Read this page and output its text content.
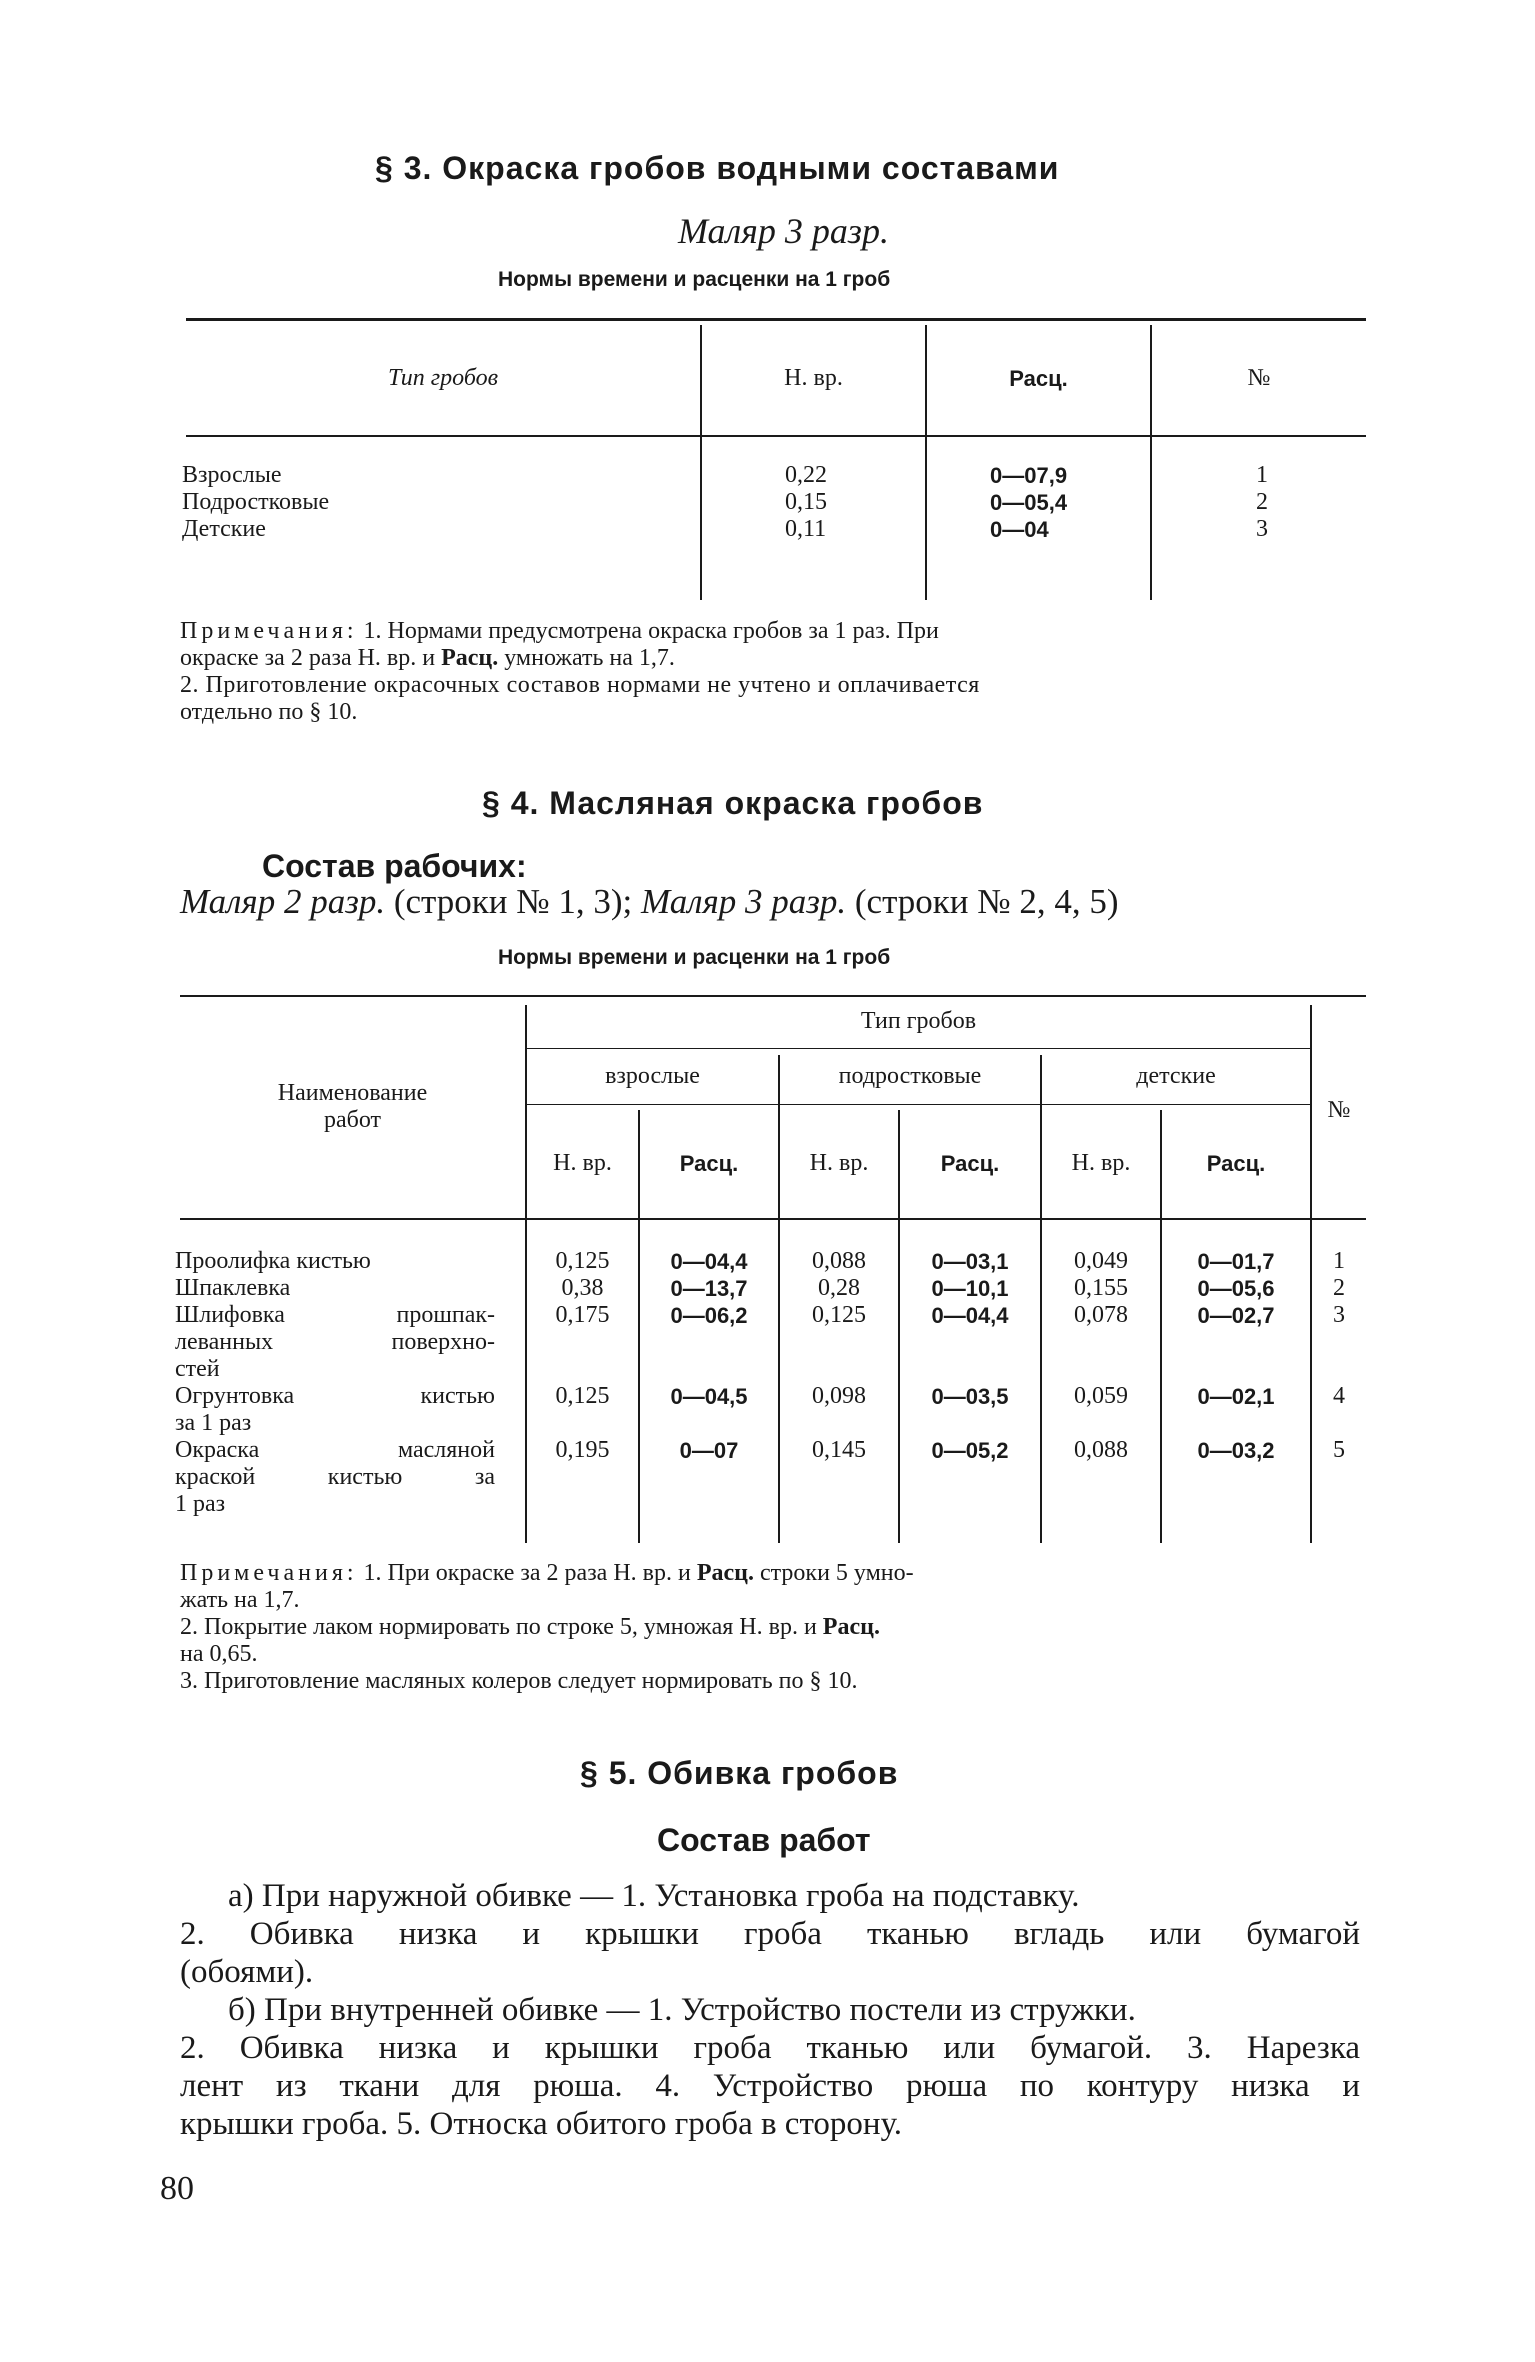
§ 3. Окраска гробов водными составами
Маляр 3 разр.
Нормы времени и расценки на 1 гроб
Тип гробов	Н. вр.	Расц.	№
Взрослые	0,22	0—07,9	1
Подростковые	0,15	0—05,4	2
Детские	0,11	0—04	3
Примечания: 1. Нормами предусмотрена окраска гробов за 1 раз. При
окраске за 2 раза Н. вр. и Расц. умножать на 1,7.
2. Приготовление окрасочных составов нормами не учтено и оплачивается
отдельно по § 10.
§ 4. Масляная окраска гробов
Состав рабочих:
Маляр 2 разр. (строки № 1, 3); Маляр 3 разр. (строки № 2, 4, 5)
Нормы времени и расценки на 1 гроб
Наименование
работ
Тип гробов
взрослые	подростковые	детские
№
Н. вр.	Расц.	Н. вр.	Расц.	Н. вр.	Расц.
Проолифка кистью	0,125	0—04,4	0,088	0—03,1	0,049	0—01,7	1
Шпаклевка	0,38	0—13,7	0,28	0—10,1	0,155	0—05,6	2
Шлифовка прошпак-
леванных поверхно-
стей
0,175	0—06,2	0,125	0—04,4	0,078	0—02,7	3
Огрунтовка кистью
за 1 раз
0,125	0—04,5	0,098	0—03,5	0,059	0—02,1	4
Окраска масляной
краской кистью за
1 раз
0,195	0—07	0,145	0—05,2	0,088	0—03,2	5
Примечания: 1. При окраске за 2 раза Н. вр. и Расц. строки 5 умно-
жать на 1,7.
2. Покрытие лаком нормировать по строке 5, умножая Н. вр. и Расц.
на 0,65.
3. Приготовление масляных колеров следует нормировать по § 10.
§ 5. Обивка гробов
Состав работ
а) При наружной обивке — 1. Установка гроба на подставку.
2. Обивка низка и крышки гроба тканью вгладь или бумагой
(обоями).
б) При внутренней обивке — 1. Устройство постели из стружки.
2. Обивка низка и крышки гроба тканью или бумагой. 3. Нарезка
лент из ткани для рюша. 4. Устройство рюша по контуру низка и
крышки гроба. 5. Относка обитого гроба в сторону.
80
